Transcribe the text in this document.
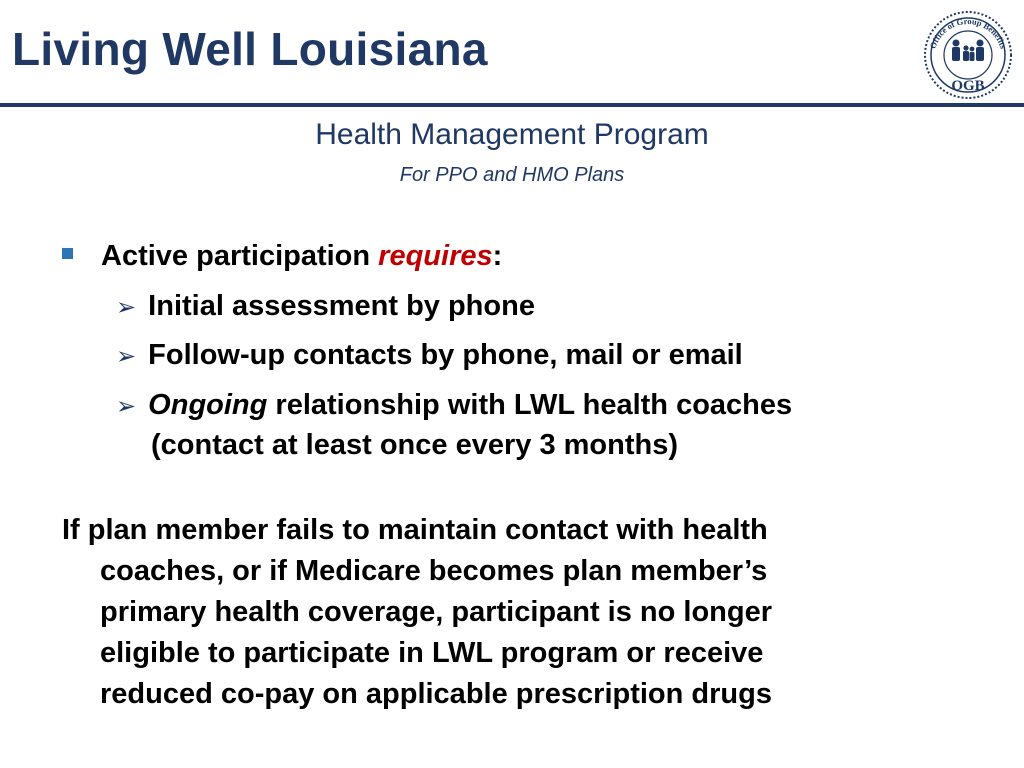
Living Well Louisiana	Office of Group Benefits
OGB
Health Management Program
For PPO and HMO Plans
Active participation requires:
➢ Initial assessment by phone
➢ Follow-up contacts by phone, mail or email
➢ Ongoing relationship with LWL health coaches
(contact at least once every 3 months)
If plan member fails to maintain contact with health
coaches, or if Medicare becomes plan member’s
primary health coverage, participant is no longer
eligible to participate in LWL program or receive
reduced co-pay on applicable prescription drugs
